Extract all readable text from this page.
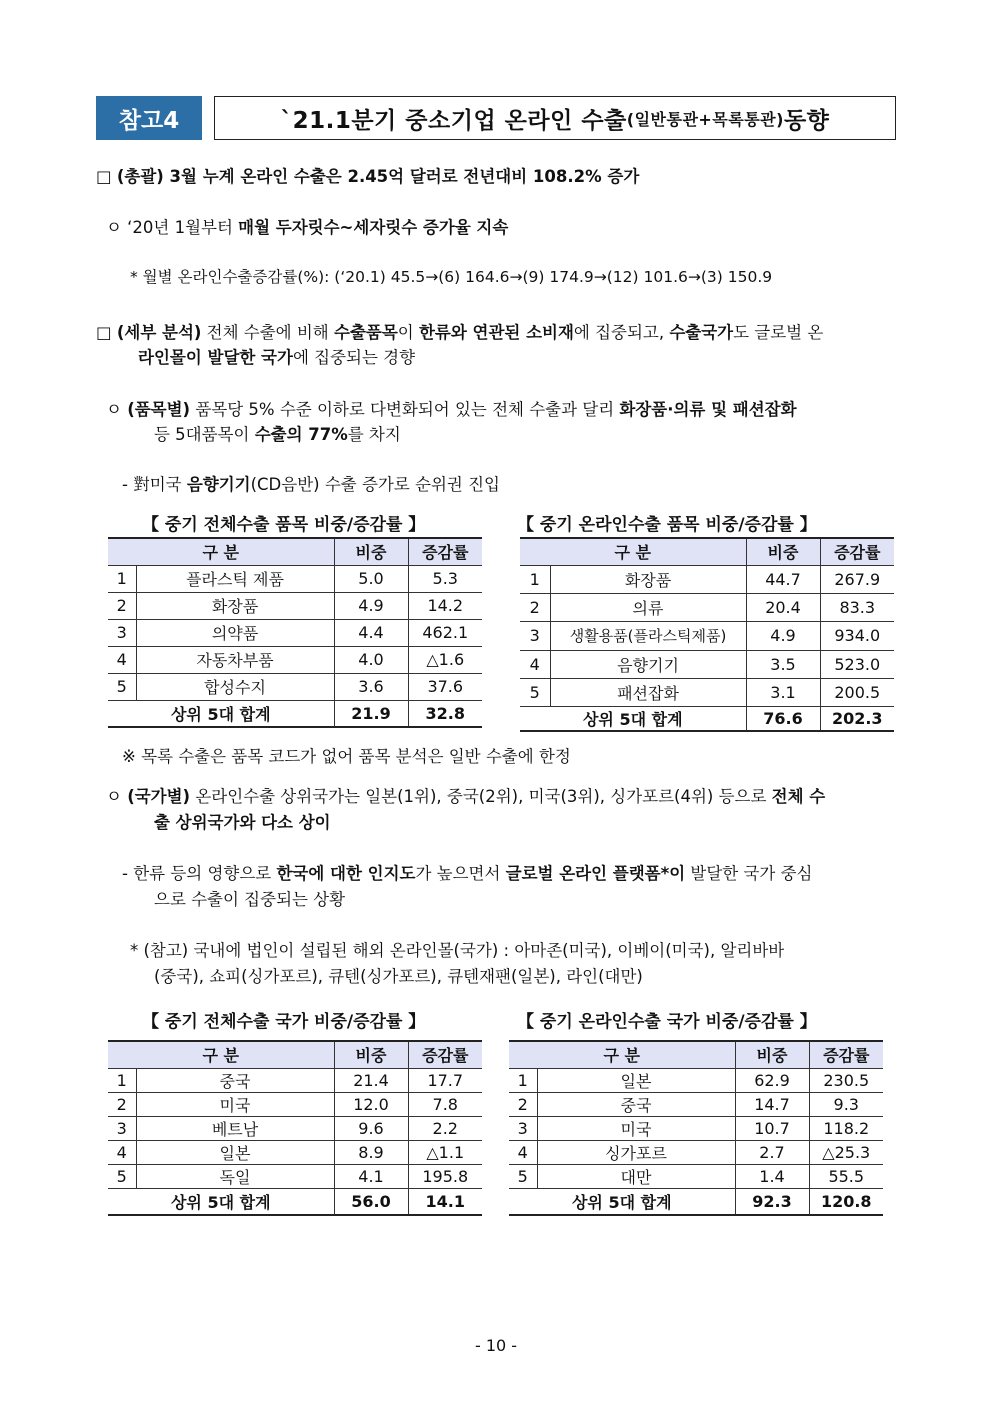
참고4	`21.1분기 중소기업 온라인 수출 (일반통관+목록통관) 동향
□ (총괄) 3월 누계 온라인 수출은 2.45억 달러로 전년대비 108.2% 증가
ㅇ ‘20년 1월부터 매월 두자릿수~세자릿수 증가율 지속
* 월별 온라인수출증감률(%): (‘20.1) 45.5→(6) 164.6→(9) 174.9→(12) 101.6→(3) 150.9
□ (세부 분석) 전체 수출에 비해 수출품목이 한류와 연관된 소비재에 집중되고, 수출국가도 글로벌 온
라인몰이 발달한 국가에 집중되는 경향
ㅇ (품목별) 품목당 5% 수준 이하로 다변화되어 있는 전체 수출과 달리 화장품·의류 및 패션잡화
등 5대품목이 수출의 77%를 차지
- 對미국 음향기기(CD음반) 수출 증가로 순위권 진입
【 중기 전체수출 품목 비중/증감률 】	【 중기 온라인수출 품목 비중/증감률 】
구 분		비중	증감률
1	플라스틱 제품	5.0	5.3
2	화장품	4.9	14.2
3	의약품	4.4	462.1
4	자동차부품	4.0	△1.6
5	합성수지	3.6	37.6
상위 5대 합계		21.9	32.8
구 분		비중	증감률
1	화장품	44.7	267.9
2	의류	20.4	83.3
3	생활용품(플라스틱제품)	4.9	934.0
4	음향기기	3.5	523.0
5	패션잡화	3.1	200.5
상위 5대 합계		76.6	202.3
※ 목록 수출은 품목 코드가 없어 품목 분석은 일반 수출에 한정
ㅇ (국가별) 온라인수출 상위국가는 일본(1위), 중국(2위), 미국(3위), 싱가포르(4위) 등으로 전체 수
출 상위국가와 다소 상이
- 한류 등의 영향으로 한국에 대한 인지도가 높으면서 글로벌 온라인 플랫폼*이 발달한 국가 중심
으로 수출이 집중되는 상황
* (참고) 국내에 법인이 설립된 해외 온라인몰(국가) : 아마존(미국), 이베이(미국), 알리바바
(중국), 쇼피(싱가포르), 큐텐(싱가포르), 큐텐재팬(일본), 라인(대만)
【 중기 전체수출 국가 비중/증감률 】	【 중기 온라인수출 국가 비중/증감률 】
구 분		비중	증감률
1	중국	21.4	17.7
2	미국	12.0	7.8
3	베트남	9.6	2.2
4	일본	8.9	△1.1
5	독일	4.1	195.8
상위 5대 합계		56.0	14.1
구 분		비중	증감률
1	일본	62.9	230.5
2	중국	14.7	9.3
3	미국	10.7	118.2
4	싱가포르	2.7	△25.3
5	대만	1.4	55.5
상위 5대 합계		92.3	120.8
- 10 -
